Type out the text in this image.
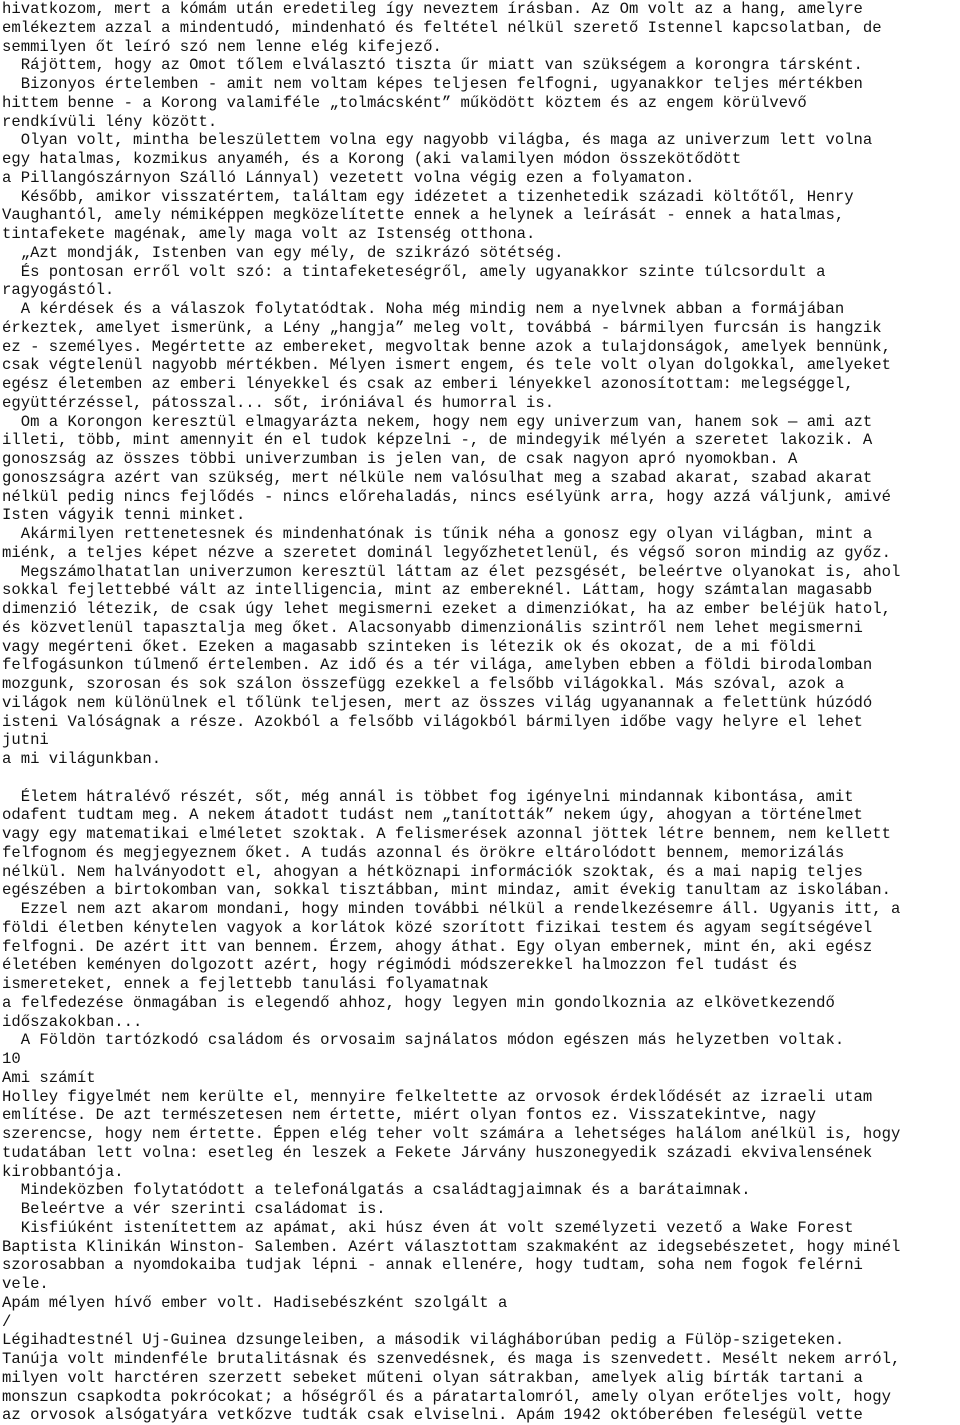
hivatkozom, mert a kómám után eredetileg így neveztem írásban. Az Om volt az a hang, amelyre
emlékeztem azzal a mindentudó, mindenható és feltétel nélkül szerető Istennel kapcsolatban, de
semmilyen őt leíró szó nem lenne elég kifejező.
Rájöttem, hogy az Omot tőlem elválasztó tiszta űr miatt van szükségem a korongra társként.
Bizonyos értelemben - amit nem voltam képes teljesen felfogni, ugyanakkor teljes mértékben
hittem benne - a Korong valamiféle „tolmácsként” működött köztem és az engem körülvevő
rendkívüli lény között.
Olyan volt, mintha beleszülettem volna egy nagyobb világba, és maga az univerzum lett volna
egy hatalmas, kozmikus anyaméh, és a Korong (aki valamilyen módon összekötődött
a Pillangószárnyon Szálló Lánnyal) vezetett volna végig ezen a folyamaton.
Később, amikor visszatértem, találtam egy idézetet a tizenhetedik századi költőtől, Henry
Vaughantól, amely némiképpen megközelítette ennek a helynek a leírását - ennek a hatalmas,
tintafekete magénak, amely maga volt az Istenség otthona.
„Azt mondják, Istenben van egy mély, de szikrázó sötétség.
És pontosan erről volt szó: a tintafeketeségről, amely ugyanakkor szinte túlcsordult a
ragyogástól.
A kérdések és a válaszok folytatódtak. Noha még mindig nem a nyelvnek abban a formájában
érkeztek, amelyet ismerünk, a Lény „hangja” meleg volt, továbbá - bármilyen furcsán is hangzik
ez - személyes. Megértette az embereket, megvoltak benne azok a tulajdonságok, amelyek bennünk,
csak végtelenül nagyobb mértékben. Mélyen ismert engem, és tele volt olyan dolgokkal, amelyeket
egész életemben az emberi lényekkel és csak az emberi lényekkel azonosítottam: melegséggel,
együttérzéssel, pátosszal... sőt, iróniával és humorral is.
Om a Korongon keresztül elmagyarázta nekem, hogy nem egy univerzum van, hanem sok — ami azt
illeti, több, mint amennyit én el tudok képzelni -, de mindegyik mélyén a szeretet lakozik. A
gonoszság az összes többi univerzumban is jelen van, de csak nagyon apró nyomokban. A
gonoszságra azért van szükség, mert nélküle nem valósulhat meg a szabad akarat, szabad akarat
nélkül pedig nincs fejlődés - nincs előrehaladás, nincs esélyünk arra, hogy azzá váljunk, amivé
Isten vágyik tenni minket.
Akármilyen rettenetesnek és mindenhatónak is tűnik néha a gonosz egy olyan világban, mint a
miénk, a teljes képet nézve a szeretet dominál legyőzhetetlenül, és végső soron mindig az győz.
Megszámolhatatlan univerzumon keresztül láttam az élet pezsgését, beleértve olyanokat is, ahol
sokkal fejlettebbé vált az intelligencia, mint az embereknél. Láttam, hogy számtalan magasabb
dimenzió létezik, de csak úgy lehet megismerni ezeket a dimenziókat, ha az ember beléjük hatol,
és közvetlenül tapasztalja meg őket. Alacsonyabb dimenzionális szintről nem lehet megismerni
vagy megérteni őket. Ezeken a magasabb szinteken is létezik ok és okozat, de a mi földi
felfogásunkon túlmenő értelemben. Az idő és a tér világa, amelyben ebben a földi birodalomban
mozgunk, szorosan és sok szálon összefügg ezekkel a felsőbb világokkal. Más szóval, azok a
világok nem különülnek el tőlünk teljesen, mert az összes világ ugyanannak a felettünk húzódó
isteni Valóságnak a része. Azokból a felsőbb világokból bármilyen időbe vagy helyre el lehet
jutni
a mi világunkban.
Életem hátralévő részét, sőt, még annál is többet fog igényelni mindannak kibontása, amit
odafent tudtam meg. A nekem átadott tudást nem „tanították” nekem úgy, ahogyan a történelmet
vagy egy matematikai elméletet szoktak. A felismerések azonnal jöttek létre bennem, nem kellett
felfognom és megjegyeznem őket. A tudás azonnal és örökre eltárolódott bennem, memorizálás
nélkül. Nem halványodott el, ahogyan a hétköznapi információk szoktak, és a mai napig teljes
egészében a birtokomban van, sokkal tisztábban, mint mindaz, amit évekig tanultam az iskolában.
Ezzel nem azt akarom mondani, hogy minden további nélkül a rendelkezésemre áll. Ugyanis itt, a
földi életben kénytelen vagyok a korlátok közé szorított fizikai testem és agyam segítségével
felfogni. De azért itt van bennem. Érzem, ahogy áthat. Egy olyan embernek, mint én, aki egész
életében keményen dolgozott azért, hogy régimódi módszerekkel halmozzon fel tudást és
ismereteket, ennek a fejlettebb tanulási folyamatnak
a felfedezése önmagában is elegendő ahhoz, hogy legyen min gondolkoznia az elkövetkezendő
időszakokban...
A Földön tartózkodó családom és orvosaim sajnálatos módon egészen más helyzetben voltak.
10
Ami számít
Holley figyelmét nem kerülte el, mennyire felkeltette az orvosok érdeklődését az izraeli utam
említése. De azt természetesen nem értette, miért olyan fontos ez. Visszatekintve, nagy
szerencse, hogy nem értette. Éppen elég teher volt számára a lehetséges halálom anélkül is, hogy
tudatában lett volna: esetleg én leszek a Fekete Járvány huszonegyedik századi ekvivalensének
kirobbantója.
Mindeközben folytatódott a telefonálgatás a családtagjaimnak és a barátaimnak.
Beleértve a vér szerinti családomat is.
Kisfiúként istenítettem az apámat, aki húsz éven át volt személyzeti vezető a Wake Forest
Baptista Klinikán Winston- Salemben. Azért választottam szakmaként az idegsebészetet, hogy minél
szorosabban a nyomdokaiba tudjak lépni - annak ellenére, hogy tudtam, soha nem fogok felérni
vele.
Apám mélyen hívő ember volt. Hadisebészként szolgált a
/
Légihadtestnél Uj-Guinea dzsungeleiben, a második világháborúban pedig a Fülöp-szigeteken.
Tanúja volt mindenféle brutalitásnak és szenvedésnek, és maga is szenvedett. Mesélt nekem arról,
milyen volt harctéren szerzett sebeket műteni olyan sátrakban, amelyek alig bírták tartani a
monszun csapkodta pokrócokat; a hőségről és a páratartalomról, amely olyan erőteljes volt, hogy
az orvosok alsógatyára vetkőzve tudták csak elviselni. Apám 1942 októberében feleségül vette
